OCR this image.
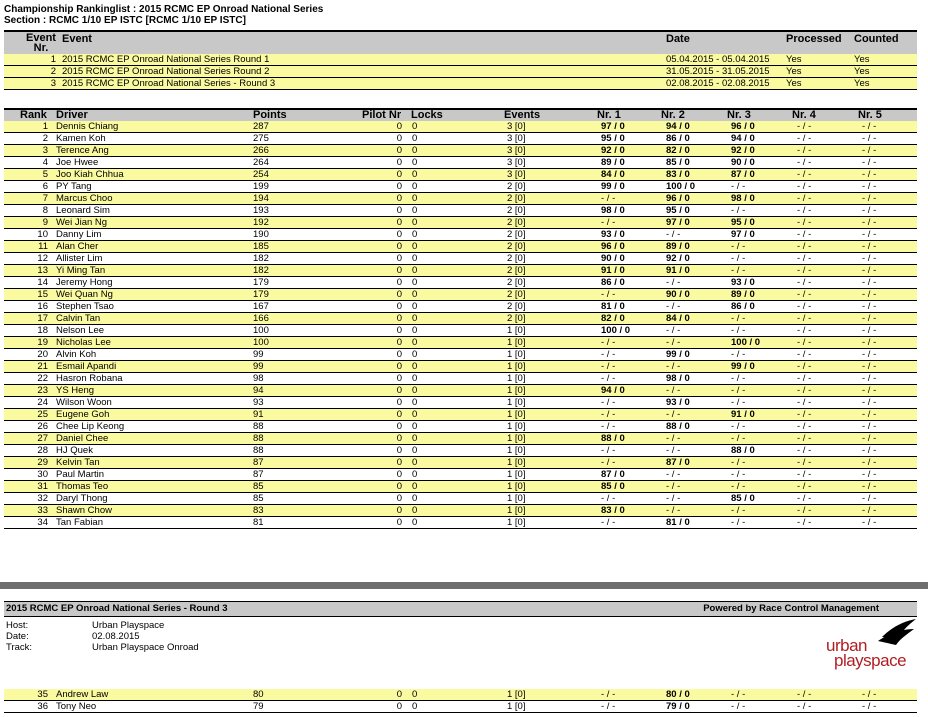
Championship Rankinglist : 2015 RCMC EP Onroad National Series
Section : RCMC 1/10 EP ISTC [RCMC 1/10 EP ISTC]
Event Nr.
Event	Date	Processed Counted
1 2015 RCMC EP Onroad National Series Round 1	05.04.2015 - 05.04.2015 Yes	Yes
2 2015 RCMC EP Onroad National Series Round 2	31.05.2015 - 31.05.2015 Yes	Yes
3 2015 RCMC EP Onroad National Series - Round 3	02.08.2015 - 02.08.2015 Yes	Yes
Rank Driver	Points	Pilot Nr Locks	Events	Nr. 1	Nr. 2	Nr. 3	Nr. 4	Nr. 5
1 Dennis Chiang	287	0 0	3 [0]	97 / 0	94 / 0	96 / 0	- / -	- / -
2 Kamen Koh	275	0 0	3 [0]	95 / 0	86 / 0	94 / 0	- / -	- / -
3 Terence Ang	266	0 0	3 [0]	92 / 0	82 / 0	92 / 0	- / -	- / -
4 Joe Hwee	264	0 0	3 [0]	89 / 0	85 / 0	90 / 0	- / -	- / -
5 Joo Kiah Chhua	254	0 0	3 [0]	84 / 0	83 / 0	87 / 0	- / -	- / -
6 PY Tang	199	0 0	2 [0]	99 / 0	100 / 0	- / -	- / -	- / -
7 Marcus Choo	194	0 0	2 [0]	- / -	96 / 0	98 / 0	- / -	- / -
8 Leonard Sim	193	0 0	2 [0]	98 / 0	95 / 0	- / -	- / -	- / -
9 Wei Jian Ng	192	0 0	2 [0]	- / -	97 / 0	95 / 0	- / -	- / -
10 Danny Lim	190	0 0	2 [0]	93 / 0	- / -	97 / 0	- / -	- / -
11 Alan Cher	185	0 0	2 [0]	96 / 0	89 / 0	- / -	- / -	- / -
12 Allister Lim	182	0 0	2 [0]	90 / 0	92 / 0	- / -	- / -	- / -
13 Yi Ming Tan	182	0 0	2 [0]	91 / 0	91 / 0	- / -	- / -	- / -
14 Jeremy Hong	179	0 0	2 [0]	86 / 0	- / -	93 / 0	- / -	- / -
15 Wei Quan Ng	179	0 0	2 [0]	- / -	90 / 0	89 / 0	- / -	- / -
16 Stephen Tsao	167	0 0	2 [0]	81 / 0	- / -	86 / 0	- / -	- / -
17 Calvin Tan	166	0 0	2 [0]	82 / 0	84 / 0	- / -	- / -	- / -
18 Nelson Lee	100	0 0	1 [0]	100 / 0	- / -	- / -	- / -	- / -
19 Nicholas Lee	100	0 0	1 [0]	- / -	- / -	100 / 0	- / -	- / -
20 Alvin Koh	99	0 0	1 [0]	- / -	99 / 0	- / -	- / -	- / -
21 Esmail Apandi	99	0 0	1 [0]	- / -	- / -	99 / 0	- / -	- / -
22 Hasron Robana	98	0 0	1 [0]	- / -	98 / 0	- / -	- / -	- / -
23 YS Heng	94	0 0	1 [0]	94 / 0	- / -	- / -	- / -	- / -
24 Wilson Woon	93	0 0	1 [0]	- / -	93 / 0	- / -	- / -	- / -
25 Eugene Goh	91	0 0	1 [0]	- / -	- / -	91 / 0	- / -	- / -
26 Chee Lip Keong	88	0 0	1 [0]	- / -	88 / 0	- / -	- / -	- / -
27 Daniel Chee	88	0 0	1 [0]	88 / 0	- / -	- / -	- / -	- / -
28 HJ Quek	88	0 0	1 [0]	- / -	- / -	88 / 0	- / -	- / -
29 Kelvin Tan	87	0 0	1 [0]	- / -	87 / 0	- / -	- / -	- / -
30 Paul Martin	87	0 0	1 [0]	87 / 0	- / -	- / -	- / -	- / -
31 Thomas Teo	85	0 0	1 [0]	85 / 0	- / -	- / -	- / -	- / -
32 Daryl Thong	85	0 0	1 [0]	- / -	- / -	85 / 0	- / -	- / -
33 Shawn Chow	83	0 0	1 [0]	83 / 0	- / -	- / -	- / -	- / -
34 Tan Fabian	81	0 0	1 [0]	- / -	81 / 0	- / -	- / -	- / -
2015 RCMC EP Onroad National Series - Round 3	Powered by Race Control Management
Host:	Urban Playspace
Date:	02.08.2015
Track:	Urban Playspace Onroad	urban
playspace
35 Andrew Law	80	0 0	1 [0]	- / -	80 / 0	- / -	- / -	- / -
36 Tony Neo	79	0 0	1 [0]	- / -	79 / 0	- / -	- / -	- / -
